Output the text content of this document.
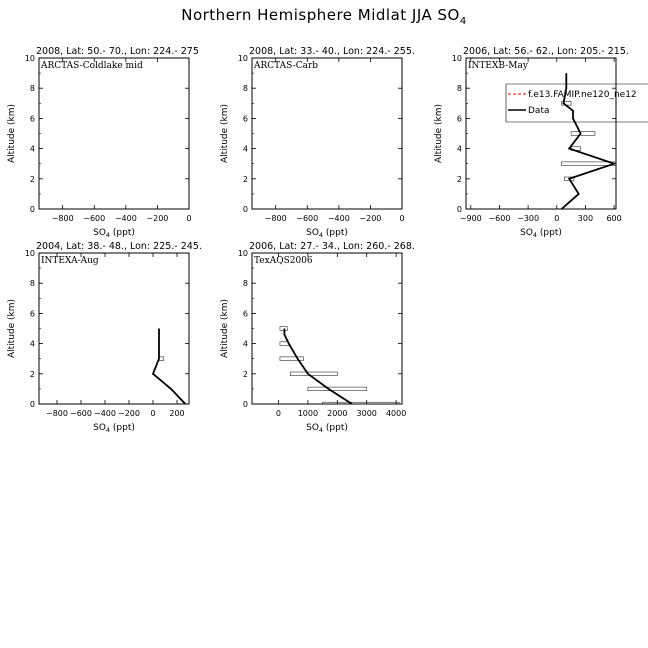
Northern Hemisphere Midlat JJA $SO_4$
2008, Lat: 50.- 70., Lon: 224.- 275
ARCTAS-Coldlake mid
0
2
4
6
8
10
−800 −600 −400 −200 0
Altitude (km)
$SO_4$ (ppt)
2008, Lat: 33.- 40., Lon: 224.- 255.
ARCTAS-Carb
0
2
4
6
8
10
−800 −600 −400 −200 0
Altitude (km)
$SO_4$ (ppt)
2006, Lat: 56.- 62., Lon: 205.- 215.
INTEXB-May
0
2
4
6
8
10
−900 −600 −300 0 300 600
Altitude (km)
$SO_4$ (ppt)
f.e13.FAMIP.ne120_ne12
Data
2004, Lat: 38.- 48., Lon: 225.- 245.
INTEXA-Aug
0
2
4
6
8
10
−800 −600 −400 −200 0 200
Altitude (km)
$SO_4$ (ppt)
2006, Lat: 27.- 34., Lon: 260.- 268.
TexAQS2006
0
2
4
6
8
10
0 1000 2000 3000 4000
Altitude (km)
$SO_4$ (ppt)
